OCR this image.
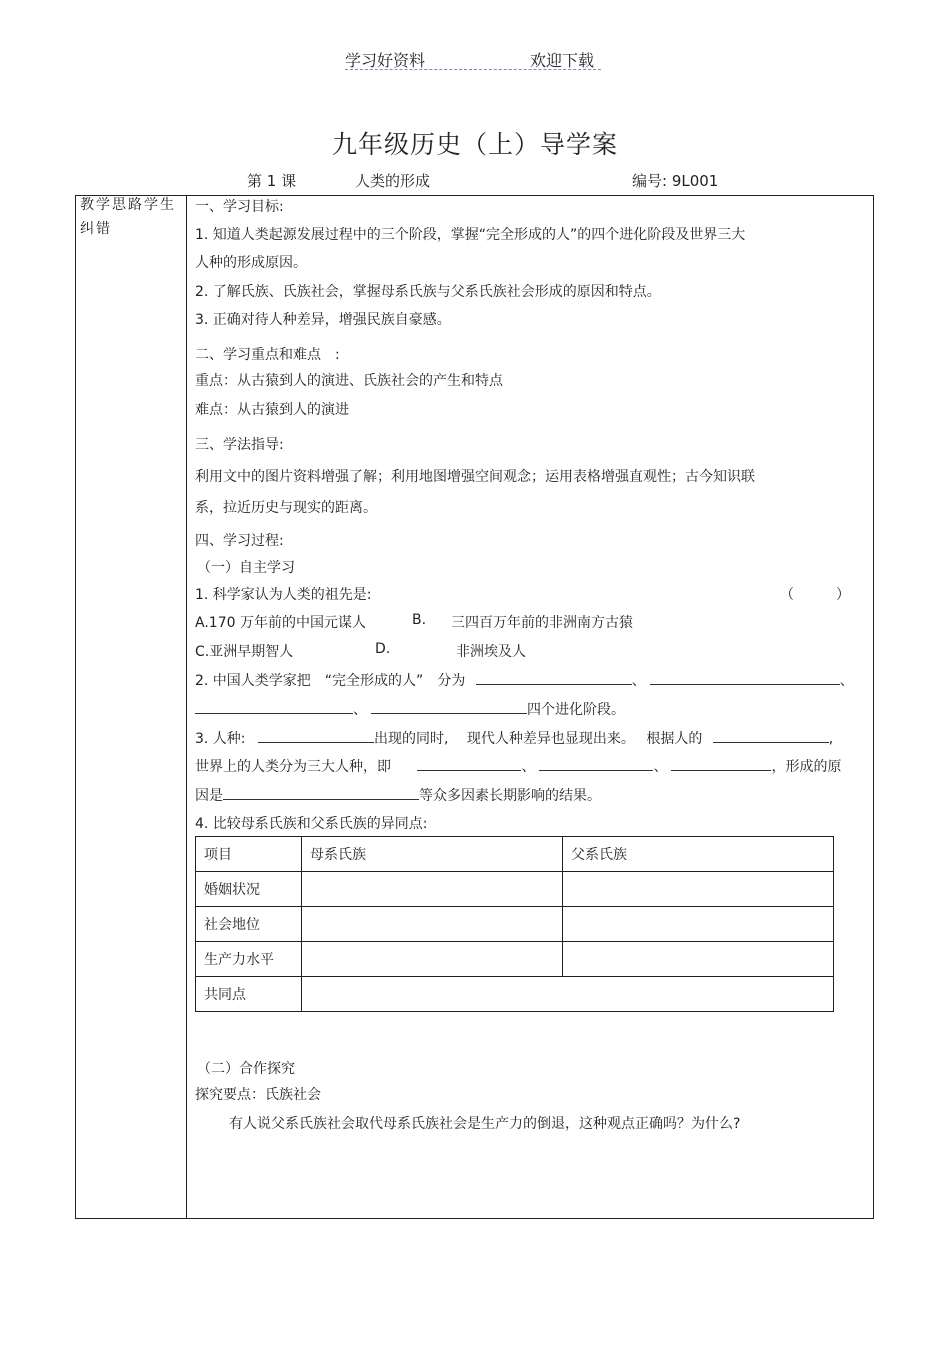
学习好资料	欢迎下载
九年级历史（上）导学案
第 1 课	人类的形成	编号: 9L001
教学思路学生纠错
一、学习目标:
1. 知道人类起源发展过程中的三个阶段，掌握“完全形成的人”的四个进化阶段及世界三大
人种的形成原因。
2. 了解氏族、氏族社会，掌握母系氏族与父系氏族社会形成的原因和特点。
3. 正确对待人种差异，增强民族自豪感。
二、学习重点和难点　:
重点：从古猿到人的演进、氏族社会的产生和特点
难点：从古猿到人的演进
三、学法指导:
利用文中的图片资料增强了解；利用地图增强空间观念；运用表格增强直观性；古今知识联
系，拉近历史与现实的距离。
四、学习过程:
（一）自主学习
1. 科学家认为人类的祖先是:	（　　　）
A.170 万年前的中国元谋人	B. 三四百万年前的非洲南方古猿
C.亚洲早期智人	D.	非洲埃及人
2. 中国人类学家把　“完全形成的人”　分为	、	、
、	四个进化阶段。
3. 人种:	出现的同时,　 现代人种差异也显现出来。　 根据人的	,
世界上的人类分为三大人种，即	、	、	，形成的原
因是	等众多因素长期影响的结果。
4. 比较母系氏族和父系氏族的异同点:
项目	母系氏族	父系氏族
婚姻状况		
社会地位		
生产力水平		
共同点		
（二）合作探究
探究要点：氏族社会
有人说父系氏族社会取代母系氏族社会是生产力的倒退，这种观点正确吗？为什么?
